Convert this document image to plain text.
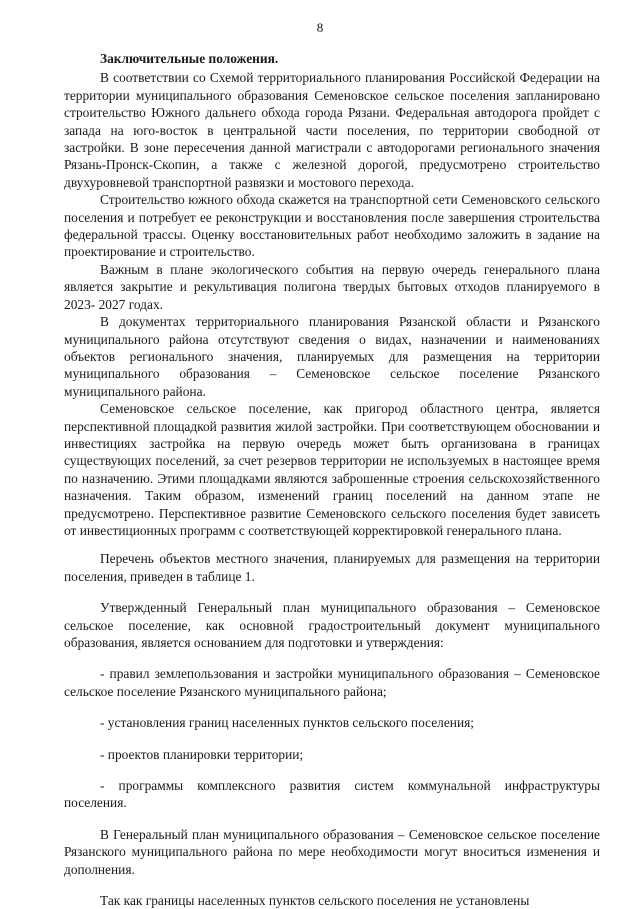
8
Заключительные положения.
В соответствии со Схемой территориального планирования Российской Федерации на территории муниципального образования Семеновское сельское поселения запланировано строительство Южного дальнего обхода города Рязани. Федеральная автодорога пройдет с запада на юго-восток в центральной части поселения, по территории свободной от застройки. В зоне пересечения данной магистрали с автодорогами регионального значения Рязань-Пронск-Скопин, а также с железной дорогой, предусмотрено строительство двухуровневой транспортной развязки и мостового перехода.
Строительство южного обхода скажется на транспортной сети Семеновского сельского поселения и потребует ее реконструкции и восстановления после завершения строительства федеральной трассы. Оценку восстановительных работ необходимо заложить в задание на проектирование и строительство.
Важным в плане экологического события на первую очередь генерального плана является закрытие и рекультивация полигона твердых бытовых отходов планируемого в 2023- 2027 годах.
В документах территориального планирования Рязанской области и Рязанского муниципального района отсутствуют сведения о видах, назначении и наименованиях объектов регионального значения, планируемых для размещения на территории муниципального образования – Семеновское сельское поселение Рязанского муниципального района.
Семеновское сельское поселение, как пригород областного центра, является перспективной площадкой развития жилой застройки. При соответствующем обосновании и инвестициях застройка на первую очередь может быть организована в границах существующих поселений, за счет резервов территории не используемых в настоящее время по назначению. Этими площадками являются заброшенные строения сельскохозяйственного назначения. Таким образом, изменений границ поселений на данном этапе не предусмотрено. Перспективное развитие Семеновского сельского поселения будет зависеть от инвестиционных программ с соответствующей корректировкой генерального плана.
Перечень объектов местного значения, планируемых для размещения на территории поселения, приведен в таблице 1.
Утвержденный Генеральный план муниципального образования – Семеновское сельское поселение, как основной градостроительный документ муниципального образования, является основанием для подготовки и утверждения:
- правил землепользования и застройки муниципального образования – Семеновское сельское поселение Рязанского муниципального района;
- установления границ населенных пунктов сельского поселения;
- проектов планировки территории;
- программы комплексного развития систем коммунальной инфраструктуры поселения.
В Генеральный план муниципального образования – Семеновское сельское поселение Рязанского муниципального района по мере необходимости могут вноситься изменения и дополнения.
Так как границы населенных пунктов сельского поселения не установлены
